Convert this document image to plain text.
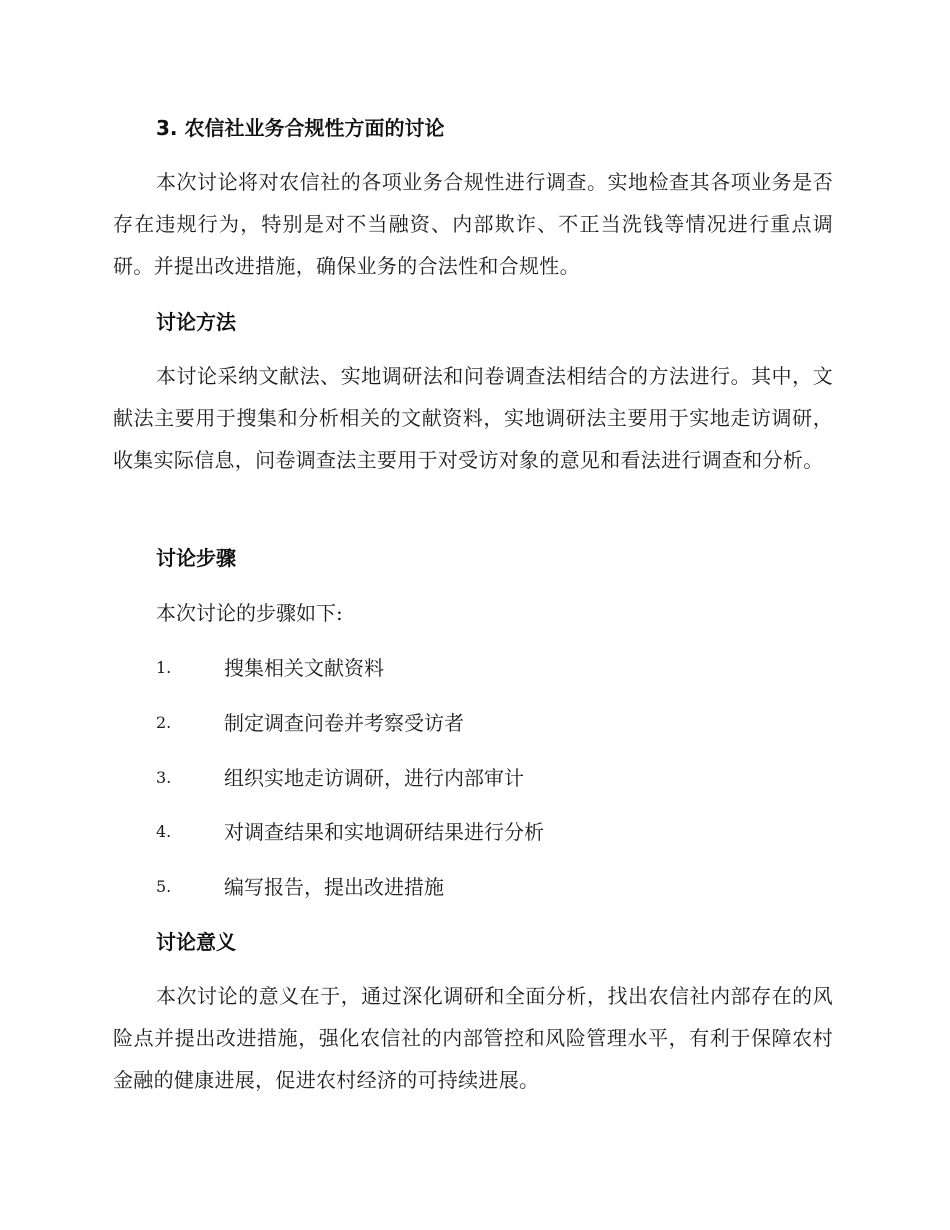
3. 农信社业务合规性方面的讨论
本次讨论将对农信社的各项业务合规性进行调查。实地检查其各项业务是否存在违规行为，特别是对不当融资、内部欺诈、不正当洗钱等情况进行重点调研。并提出改进措施，确保业务的合法性和合规性。
讨论方法
本讨论采纳文献法、实地调研法和问卷调查法相结合的方法进行。其中，文献法主要用于搜集和分析相关的文献资料，实地调研法主要用于实地走访调研，收集实际信息，问卷调查法主要用于对受访对象的意见和看法进行调查和分析。
讨论步骤
本次讨论的步骤如下:
1.	搜集相关文献资料
2.	制定调查问卷并考察受访者
3.	组织实地走访调研，进行内部审计
4.	对调查结果和实地调研结果进行分析
5.	编写报告，提出改进措施
讨论意义
本次讨论的意义在于，通过深化调研和全面分析，找出农信社内部存在的风险点并提出改进措施，强化农信社的内部管控和风险管理水平，有利于保障农村金融的健康进展，促进农村经济的可持续进展。
